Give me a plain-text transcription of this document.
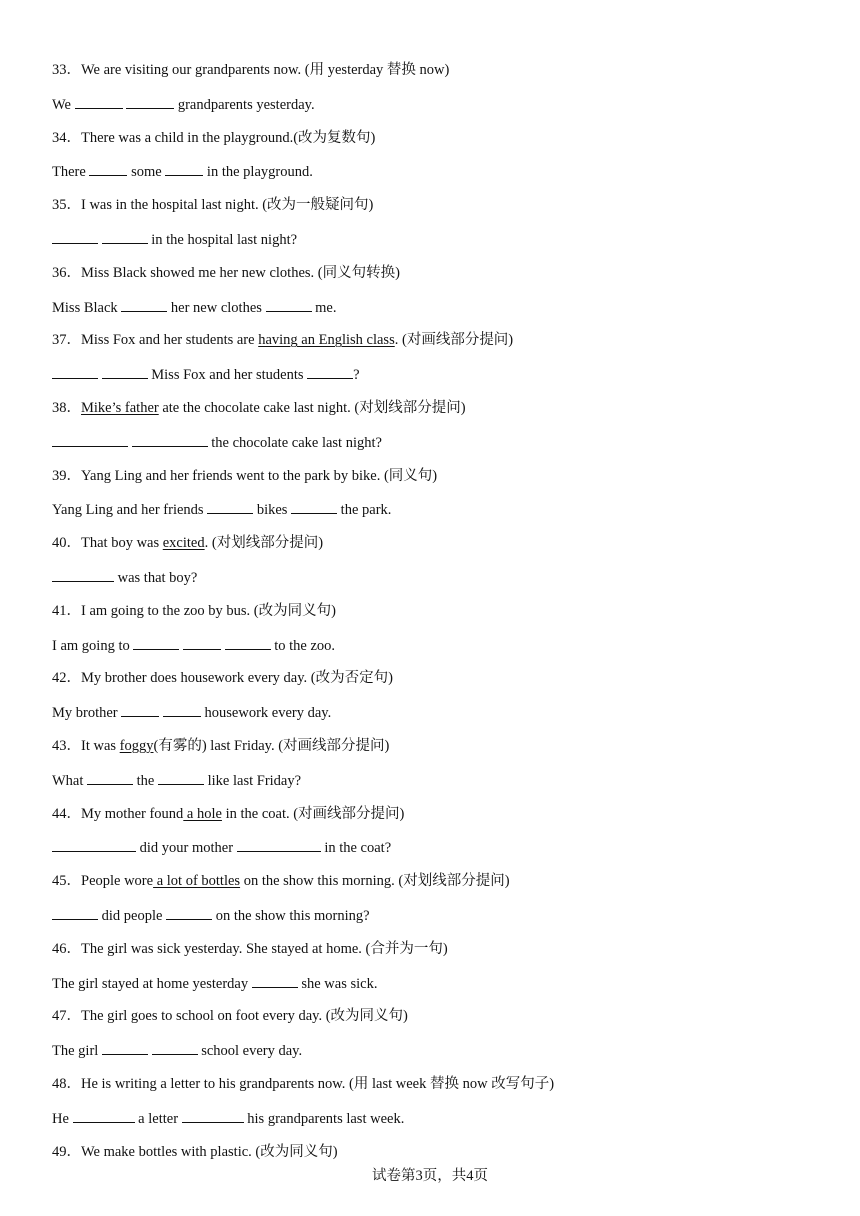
33．We are visiting our grandparents now. (用 yesterday 替换 now)
We	grandparents yesterday.
34．There was a child in the playground.(改为复数句)
There	some	in the playground.
35．I was in the hospital last night. (改为一般疑问句)
in the hospital last night?
36．Miss Black showed me her new clothes. (同义句转换)
Miss Black	her new clothes	me.
37．Miss Fox and her students are having an English class. (对画线部分提问)
Miss Fox and her students	?
38．Mike’s father ate the chocolate cake last night. (对划线部分提问)
the chocolate cake last night?
39．Yang Ling and her friends went to the park by bike. (同义句)
Yang Ling and her friends	bikes	the park.
40．That boy was excited. (对划线部分提问)
was that boy?
41．I am going to the zoo by bus. (改为同义句)
I am going to	to the zoo.
42．My brother does housework every day. (改为否定句)
My brother	housework every day.
43．It was foggy(有雾的) last Friday. (对画线部分提问)
What	the	like last Friday?
44．My mother found a hole in the coat. (对画线部分提问)
did your mother	in the coat?
45．People wore a lot of bottles on the show this morning. (对划线部分提问)
did people	on the show this morning?
46．The girl was sick yesterday. She stayed at home. (合并为一句)
The girl stayed at home yesterday	she was sick.
47．The girl goes to school on foot every day. (改为同义句)
The girl	school every day.
48．He is writing a letter to his grandparents now. (用 last week 替换 now 改写句子)
He	a letter	his grandparents last week.
49．We make bottles with plastic. (改为同义句)
试卷第3页，共4页
